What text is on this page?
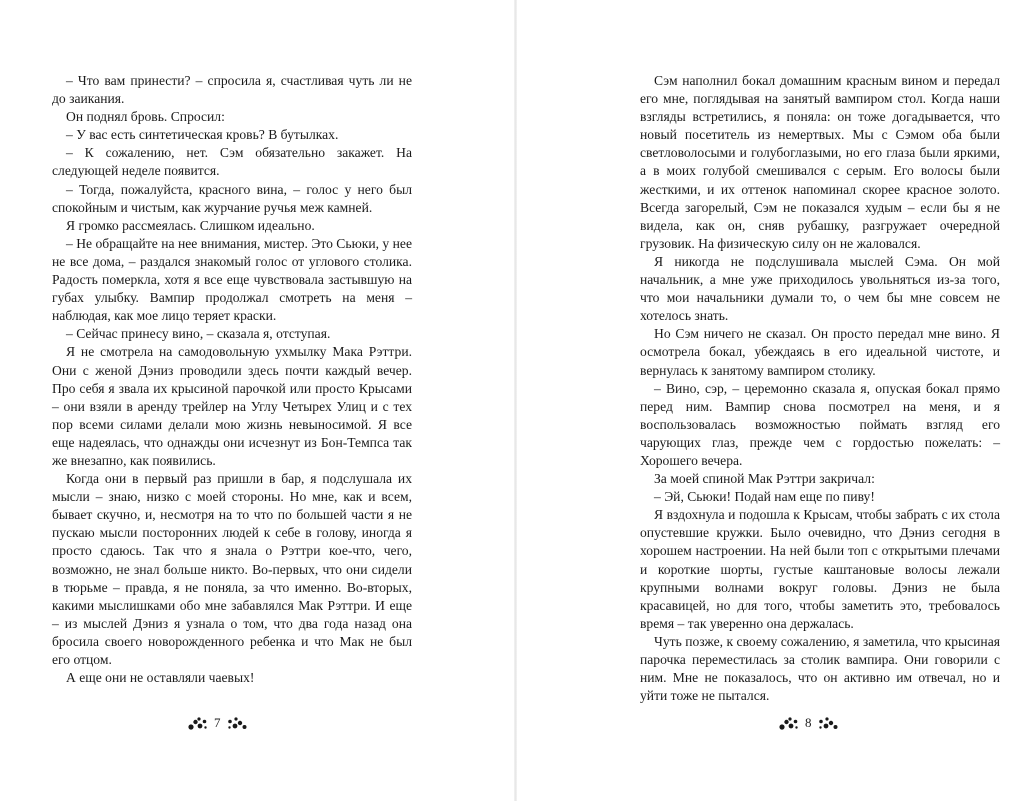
– Что вам принести? – спросила я, счастливая чуть ли не до заикания.

Он поднял бровь. Спросил:

– У вас есть синтетическая кровь? В бутылках.

– К сожалению, нет. Сэм обязательно закажет. На следующей неделе появится.

– Тогда, пожалуйста, красного вина, – голос у него был спокойным и чистым, как журчание ручья меж камней.

Я громко рассмеялась. Слишком идеально.

– Не обращайте на нее внимания, мистер. Это Сьюки, у нее не все дома, – раздался знакомый голос от углового столика. Радость померкла, хотя я все еще чувствовала застывшую на губах улыбку. Вампир продолжал смотреть на меня – наблюдая, как мое лицо теряет краски.

– Сейчас принесу вино, – сказала я, отступая.

Я не смотрела на самодовольную ухмылку Мака Рэттри. Они с женой Дэниз проводили здесь почти каждый вечер. Про себя я звала их крысиной парочкой или просто Крысами – они взяли в аренду трейлер на Углу Четырех Улиц и с тех пор всеми силами делали мою жизнь невыносимой. Я все еще надеялась, что однажды они исчезнут из Бон-Темпса так же внезапно, как появились.

Когда они в первый раз пришли в бар, я подслушала их мысли – знаю, низко с моей стороны. Но мне, как и всем, бывает скучно, и, несмотря на то что по большей части я не пускаю мысли посторонних людей к себе в голову, иногда я просто сдаюсь. Так что я знала о Рэттри кое-что, чего, возможно, не знал больше никто. Во-первых, что они сидели в тюрьме – правда, я не поняла, за что именно. Во-вторых, какими мыслишками обо мне забавлялся Мак Рэттри. И еще – из мыслей Дэниз я узнала о том, что два года назад она бросила своего новорожденного ребенка и что Мак не был его отцом.

А еще они не оставляли чаевых!

7

Сэм наполнил бокал домашним красным вином и передал его мне, поглядывая на занятый вампиром стол. Когда наши взгляды встретились, я поняла: он тоже догадывается, что новый посетитель из немертвых. Мы с Сэмом оба были светловолосыми и голубоглазыми, но его глаза были яркими, а в моих голубой смешивался с серым. Его волосы были жесткими, и их оттенок напоминал скорее красное золото. Всегда загорелый, Сэм не показался худым – если бы я не видела, как он, сняв рубашку, разгружает очередной грузовик. На физическую силу он не жаловался.

Я никогда не подслушивала мыслей Сэма. Он мой начальник, а мне уже приходилось увольняться из-за того, что мои начальники думали то, о чем бы мне совсем не хотелось знать.

Но Сэм ничего не сказал. Он просто передал мне вино. Я осмотрела бокал, убеждаясь в его идеальной чистоте, и вернулась к занятому вампиром столику.

– Вино, сэр, – церемонно сказала я, опуская бокал прямо перед ним. Вампир снова посмотрел на меня, и я воспользовалась возможностью поймать взгляд его чарующих глаз, прежде чем с гордостью пожелать: – Хорошего вечера.

За моей спиной Мак Рэттри закричал:

– Эй, Сьюки! Подай нам еще по пиву!

Я вздохнула и подошла к Крысам, чтобы забрать с их стола опустевшие кружки. Было очевидно, что Дэниз сегодня в хорошем настроении. На ней были топ с открытыми плечами и короткие шорты, густые каштановые волосы лежали крупными волнами вокруг головы. Дэниз не была красавицей, но для того, чтобы заметить это, требовалось время – так уверенно она держалась.

Чуть позже, к своему сожалению, я заметила, что крысиная парочка переместилась за столик вампира. Они говорили с ним. Мне не показалось, что он активно им отвечал, но и уйти тоже не пытался.

8
